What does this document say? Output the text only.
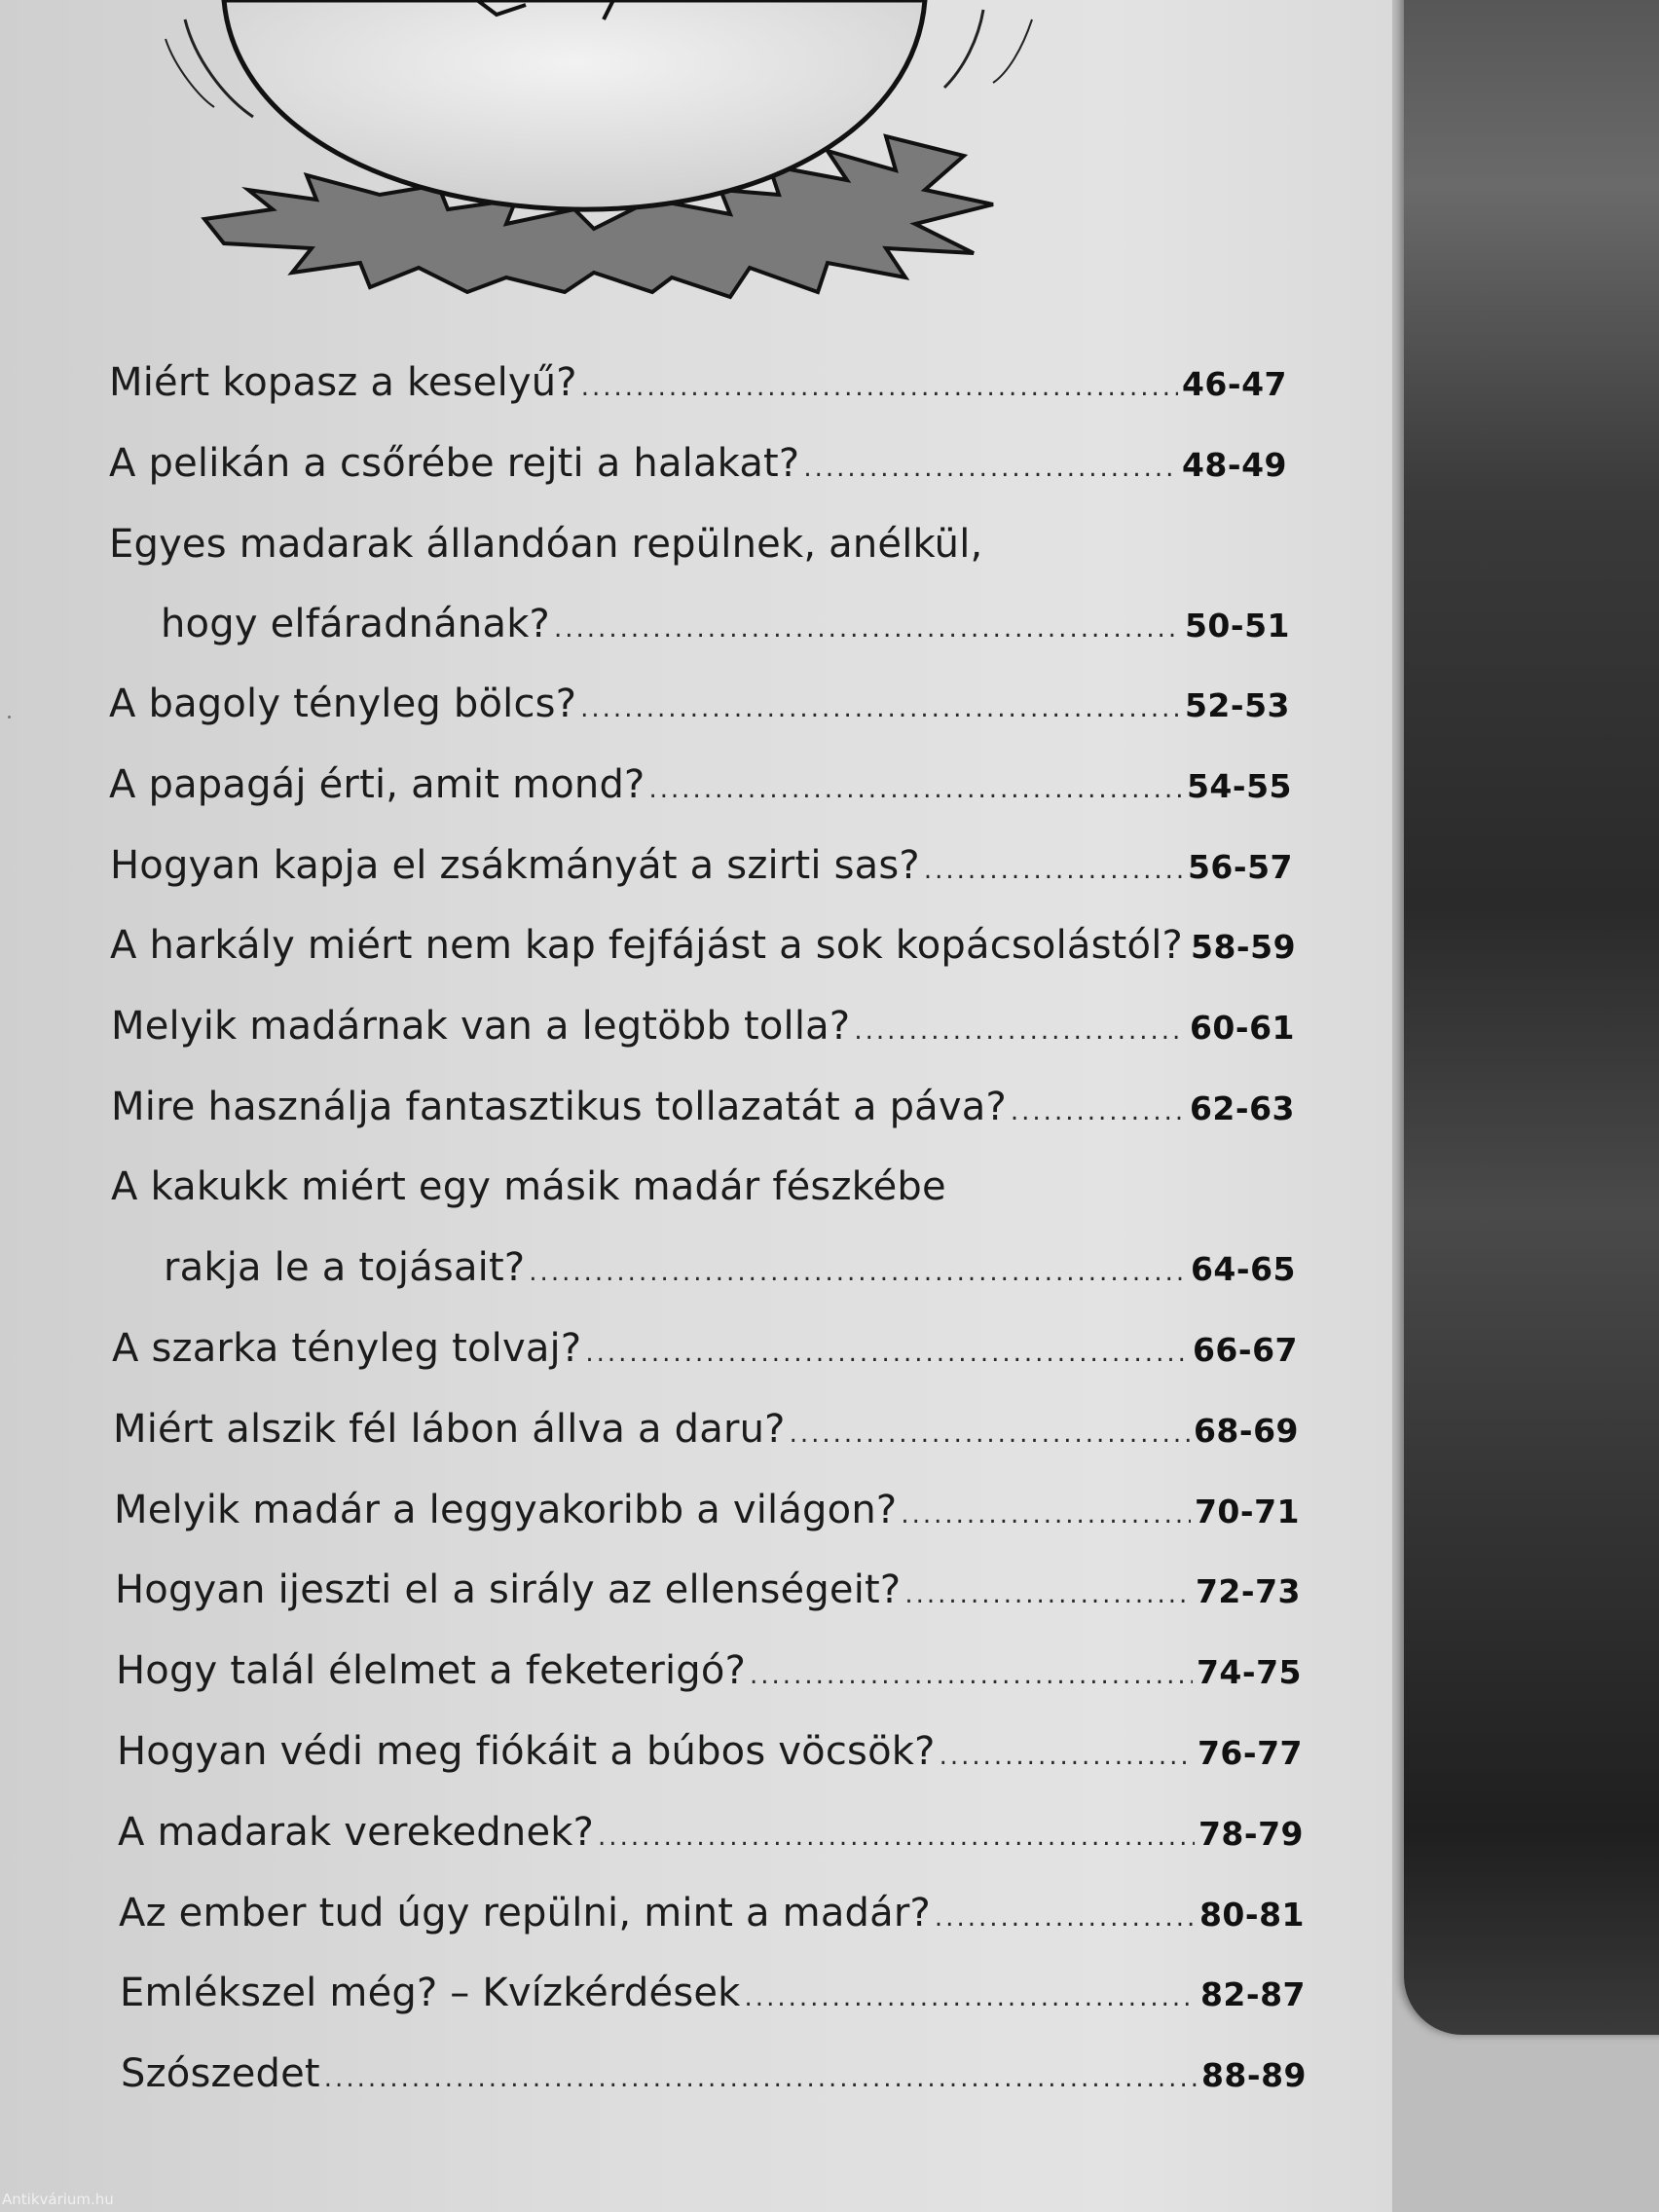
Miért kopasz a keselyű? .....	46-47
A pelikán a csőrébe rejti a halakat? .....	48-49
Egyes madarak állandóan repülnek, anélkül,
hogy elfáradnának? .....	50-51
A bagoly tényleg bölcs? .....	52-53
A papagáj érti, amit mond? .....	54-55
Hogyan kapja el zsákmányát a szirti sas? .....	56-57
A harkály miért nem kap fejfájást a sok kopácsolástól? 58-59
Melyik madárnak van a legtöbb tolla? .....	60-61
Mire használja fantasztikus tollazatát a páva? .....	62-63
A kakukk miért egy másik madár fészkébe
rakja le a tojásait? .....	64-65
A szarka tényleg tolvaj? .....	66-67
Miért alszik fél lábon állva a daru? .....	68-69
Melyik madár a leggyakoribb a világon? .....	70-71
Hogyan ijeszti el a sirály az ellenségeit? .....	72-73
Hogy talál élelmet a feketerigó? .....	74-75
Hogyan védi meg fiókáit a búbos vöcsök? .....	76-77
A madarak verekednek? .....	78-79
Az ember tud úgy repülni, mint a madár? .....	80-81
Emlékszel még? – Kvízkérdések .....	82-87
Szószedet .....	88-89
Antikvárium.hu
